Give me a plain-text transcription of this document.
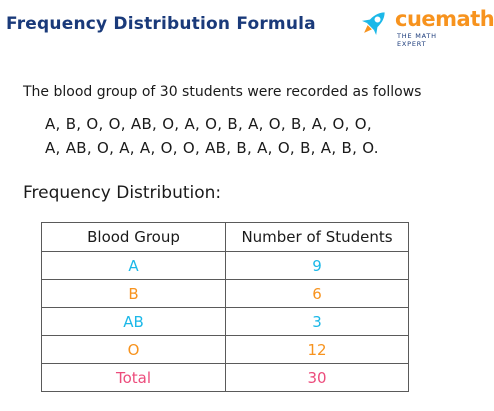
Frequency Distribution Formula	cuemath
THE MATH EXPERT
The blood group of 30 students were recorded as follows
A, B, O, O, AB, O, A, O, B, A, O, B, A, O, O,
A, AB, O, A, A, O, O, AB, B, A, O, B, A, B, O.
Frequency Distribution:
Blood Group	Number of Students
A	9
B	6
AB	3
O	12
Total	30
